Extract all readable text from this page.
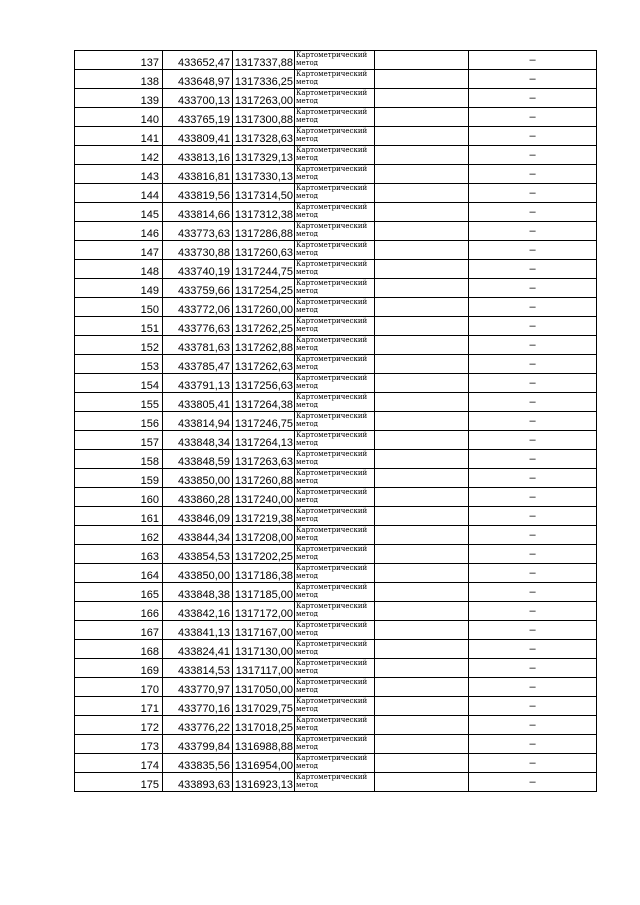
137	433652,47	1317337,88	Картометрический метод		–
138	433648,97	1317336,25	Картометрический метод		–
139	433700,13	1317263,00	Картометрический метод		–
140	433765,19	1317300,88	Картометрический метод		–
141	433809,41	1317328,63	Картометрический метод		–
142	433813,16	1317329,13	Картометрический метод		–
143	433816,81	1317330,13	Картометрический метод		–
144	433819,56	1317314,50	Картометрический метод		–
145	433814,66	1317312,38	Картометрический метод		–
146	433773,63	1317286,88	Картометрический метод		–
147	433730,88	1317260,63	Картометрический метод		–
148	433740,19	1317244,75	Картометрический метод		–
149	433759,66	1317254,25	Картометрический метод		–
150	433772,06	1317260,00	Картометрический метод		–
151	433776,63	1317262,25	Картометрический метод		–
152	433781,63	1317262,88	Картометрический метод		–
153	433785,47	1317262,63	Картометрический метод		–
154	433791,13	1317256,63	Картометрический метод		–
155	433805,41	1317264,38	Картометрический метод		–
156	433814,94	1317246,75	Картометрический метод		–
157	433848,34	1317264,13	Картометрический метод		–
158	433848,59	1317263,63	Картометрический метод		–
159	433850,00	1317260,88	Картометрический метод		–
160	433860,28	1317240,00	Картометрический метод		–
161	433846,09	1317219,38	Картометрический метод		–
162	433844,34	1317208,00	Картометрический метод		–
163	433854,53	1317202,25	Картометрический метод		–
164	433850,00	1317186,38	Картометрический метод		–
165	433848,38	1317185,00	Картометрический метод		–
166	433842,16	1317172,00	Картометрический метод		–
167	433841,13	1317167,00	Картометрический метод		–
168	433824,41	1317130,00	Картометрический метод		–
169	433814,53	1317117,00	Картометрический метод		–
170	433770,97	1317050,00	Картометрический метод		–
171	433770,16	1317029,75	Картометрический метод		–
172	433776,22	1317018,25	Картометрический метод		–
173	433799,84	1316988,88	Картометрический метод		–
174	433835,56	1316954,00	Картометрический метод		–
175	433893,63	1316923,13	Картометрический метод		–
